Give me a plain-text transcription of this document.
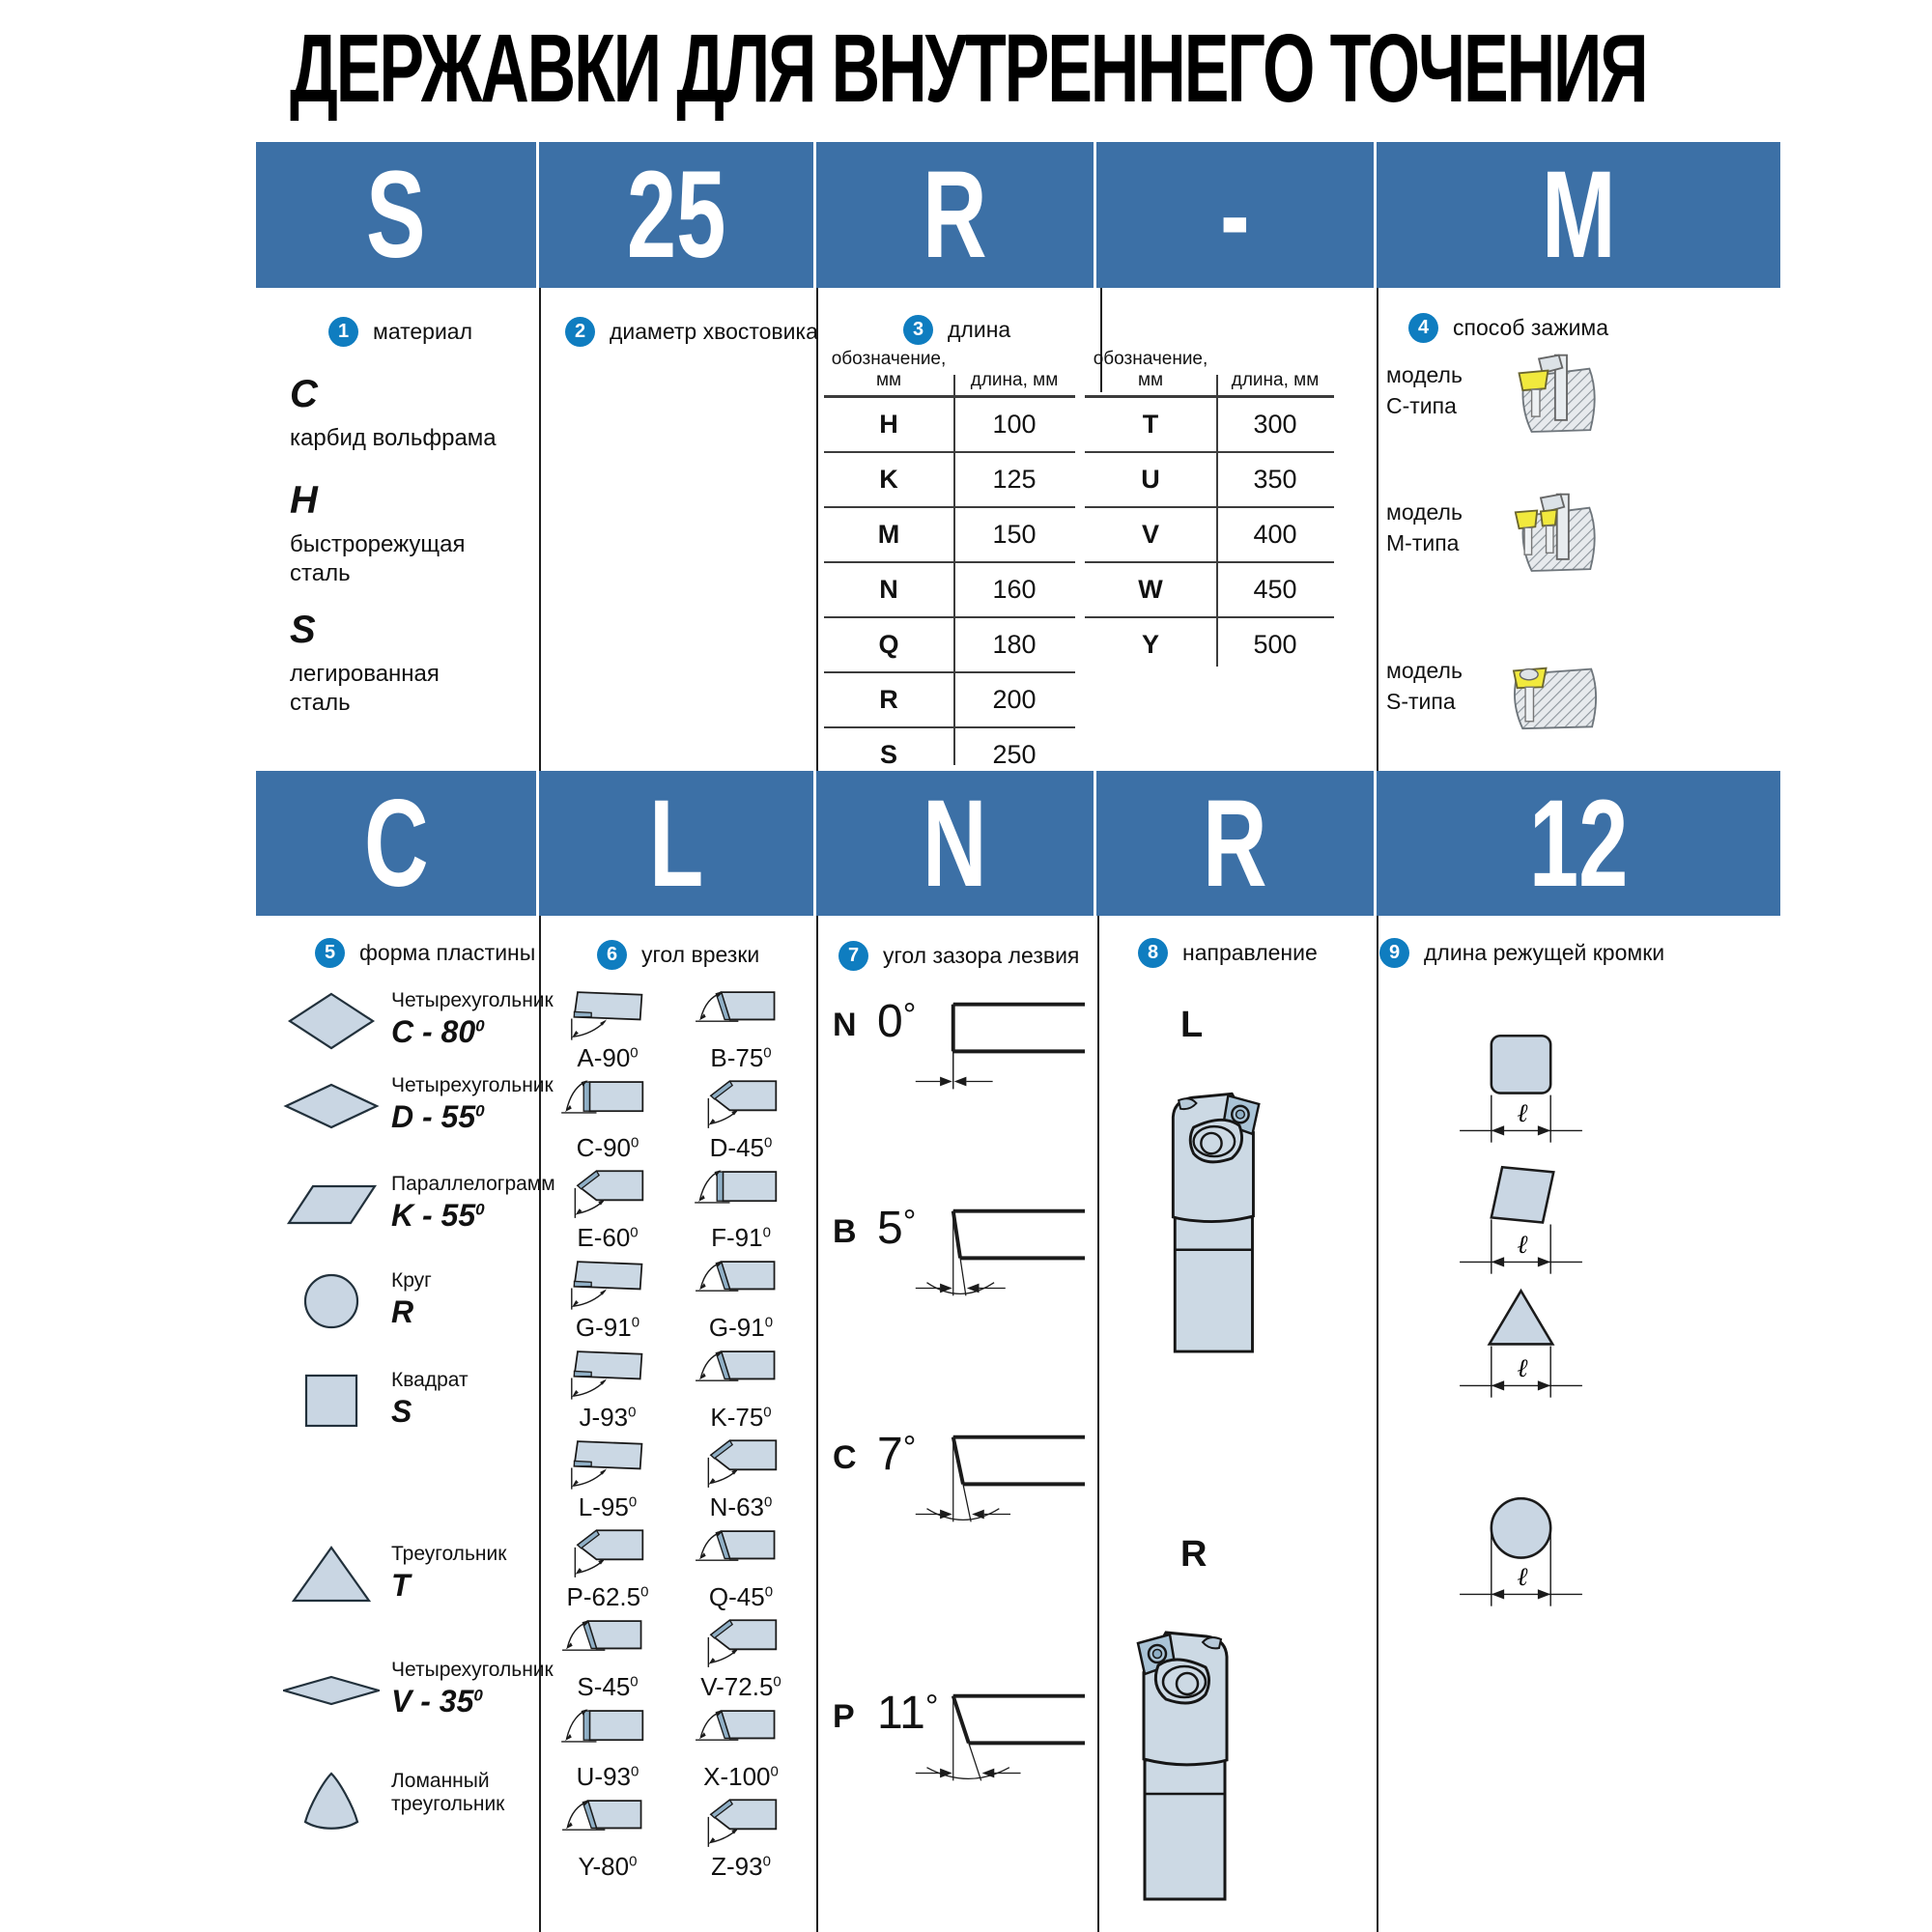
ДЕРЖАВКИ ДЛЯ ВНУТРЕННЕГО ТОЧЕНИЯ
S 25 R - M
C L N R 12
1	материал	2	диаметр хвостовика	3	длина	4	способ зажима
5	форма пластины	6	угол врезки	7	угол зазора лезвия	8	направление	9	длина режущей кромки
обозначение, мм	длина, мм
H	100
K	125
M	150
N	160
Q	180
R	200
S	250
обозначение, мм	длина, мм
T	300
U	350
V	400
W	450
Y	500
C
карбид вольфрама
H
быстрорежущая
сталь
S
легированная
сталь
модель
С-типа
модель
М-типа
модель
S-типа
Четырехугольник
C - $80^0$
Четырехугольник
D - $55^0$
Параллелограмм
K - $55^0$
Круг
R
Квадрат
S
Треугольник
T
Четырехугольник
V - $35^0$
Ломанный
треугольник
$A-90^0$	$B-75^0$
$C-90^0$	$D-45^0$
$E-60^0$	$F-91^0$
$G-91^0$	$G-91^0$
$J-93^0$	$K-75^0$
$L-95^0$	$N-63^0$
P-62.5$^0$ $Q-45^0$
$S-45^0$ V-72.5$^0$
$U-93^0$	$X-100^0$
$Y-80^0$	$Z-93^0$
N 0 °
B 5 °
C 7 °
P 11 °
L
R
ℓ
ℓ
ℓ
ℓ
